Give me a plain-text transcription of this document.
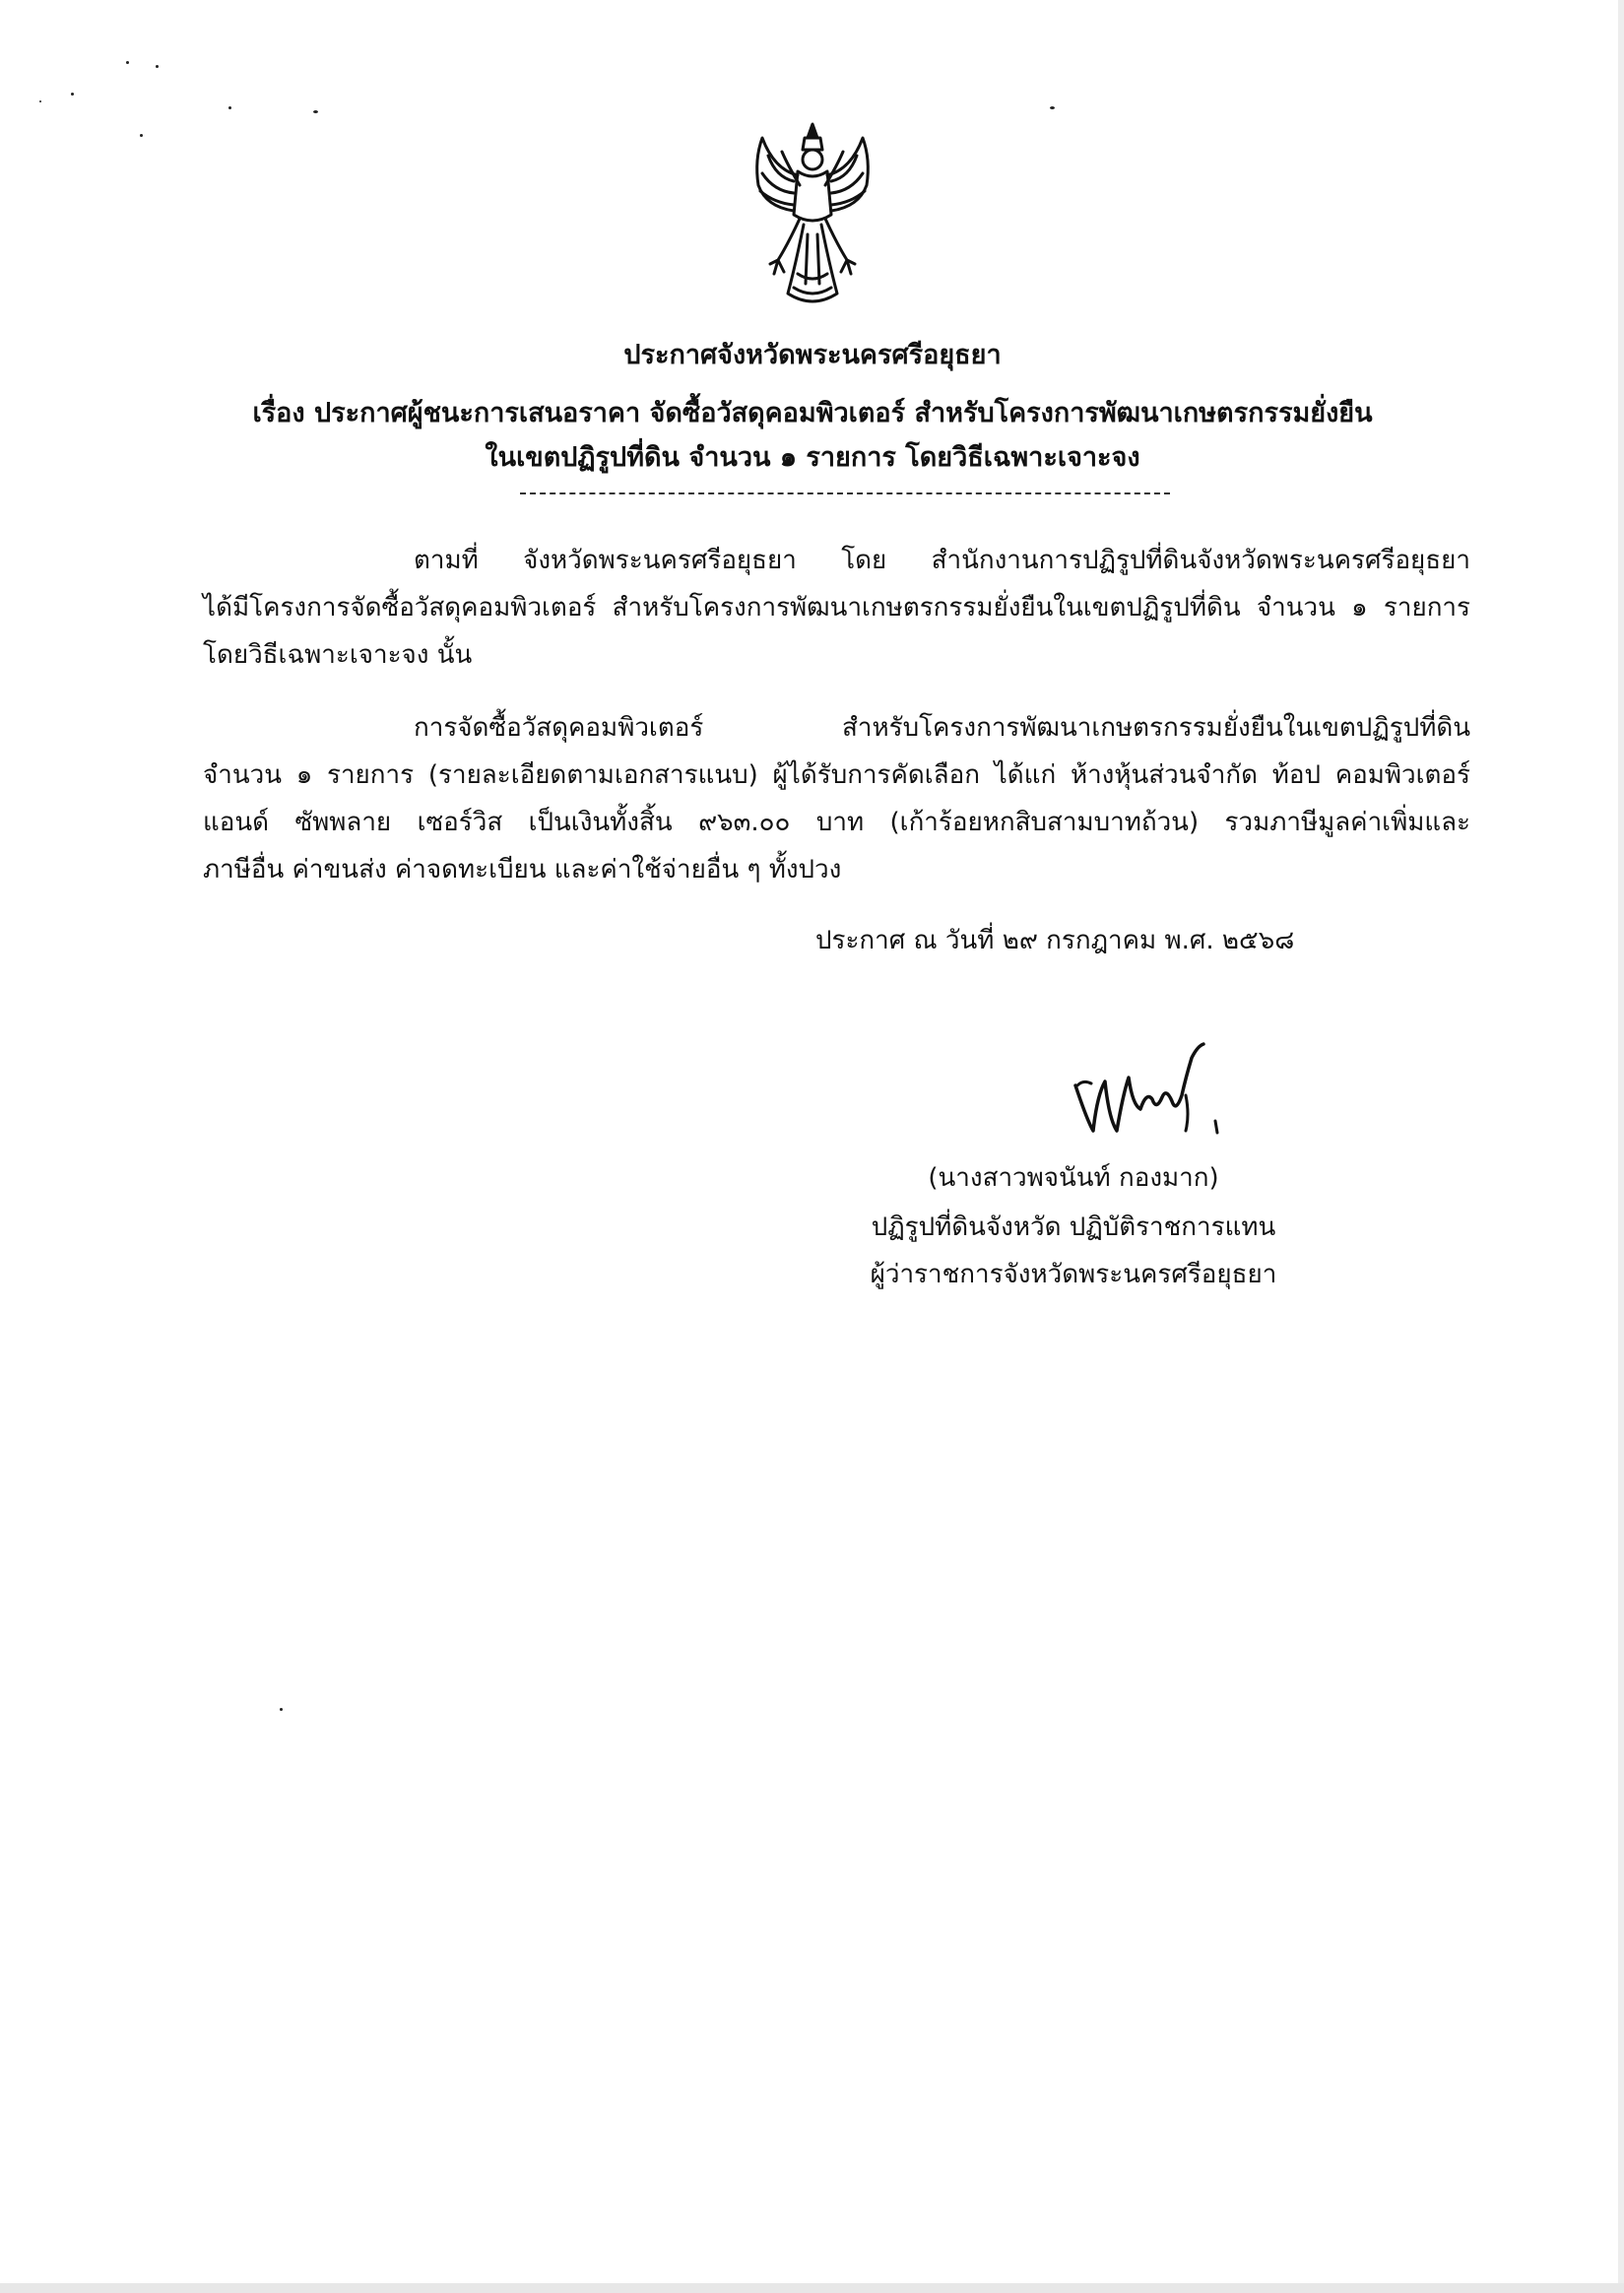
ประกาศจังหวัดพระนครศรีอยุธยา
เรื่อง ประกาศผู้ชนะการเสนอราคา จัดซื้อวัสดุคอมพิวเตอร์ สำหรับโครงการพัฒนาเกษตรกรรมยั่งยืน
ในเขตปฏิรูปที่ดิน จำนวน ๑ รายการ โดยวิธีเฉพาะเจาะจง
ตามที่ จังหวัดพระนครศรีอยุธยา โดย สำนักงานการปฏิรูปที่ดินจังหวัดพระนครศรีอยุธยา
ได้มีโครงการจัดซื้อวัสดุคอมพิวเตอร์ สำหรับโครงการพัฒนาเกษตรกรรมยั่งยืนในเขตปฏิรูปที่ดิน จำนวน ๑ รายการ
โดยวิธีเฉพาะเจาะจง นั้น
การจัดซื้อวัสดุคอมพิวเตอร์ สำหรับโครงการพัฒนาเกษตรกรรมยั่งยืนในเขตปฏิรูปที่ดิน
จำนวน ๑ รายการ (รายละเอียดตามเอกสารแนบ) ผู้ได้รับการคัดเลือก ได้แก่ ห้างหุ้นส่วนจำกัด ท้อป คอมพิวเตอร์
แอนด์ ซัพพลาย เซอร์วิส เป็นเงินทั้งสิ้น ๙๖๓.๐๐ บาท (เก้าร้อยหกสิบสามบาทถ้วน) รวมภาษีมูลค่าเพิ่มและ
ภาษีอื่น ค่าขนส่ง ค่าจดทะเบียน และค่าใช้จ่ายอื่น ๆ ทั้งปวง
ประกาศ ณ วันที่ ๒๙ กรกฎาคม พ.ศ. ๒๕๖๘
(นางสาวพจนันท์ กองมาก)
ปฏิรูปที่ดินจังหวัด ปฏิบัติราชการแทน
ผู้ว่าราชการจังหวัดพระนครศรีอยุธยา
